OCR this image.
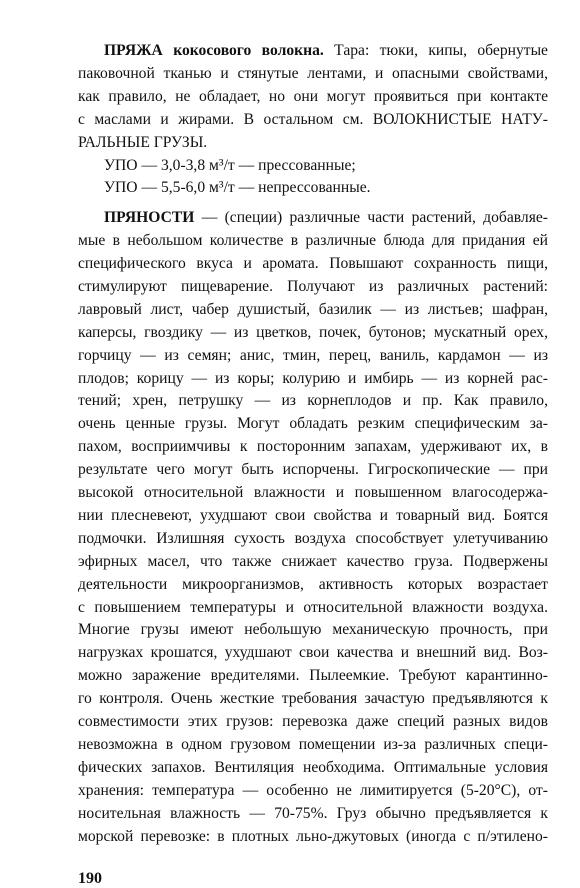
ПРЯЖА кокосового волокна. Тара: тюки, кипы, обернутые
паковочной тканью и стянутые лентами, и опасными свойствами,
как правило, не обладает, но они могут проявиться при контакте
с маслами и жирами. В остальном см. ВОЛОКНИСТЫЕ НАТУ-
РАЛЬНЫЕ ГРУЗЫ.
УПО — 3,0-3,8 м³/т — прессованные;
УПО — 5,5-6,0 м³/т — непрессованные.
ПРЯНОСТИ — (специи) различные части растений, добавляе-
мые в небольшом количестве в различные блюда для придания ей
специфического вкуса и аромата. Повышают сохранность пищи,
стимулируют пищеварение. Получают из различных растений:
лавровый лист, чабер душистый, базилик — из листьев; шафран,
каперсы, гвоздику — из цветков, почек, бутонов; мускатный орех,
горчицу — из семян; анис, тмин, перец, ваниль, кардамон — из
плодов; корицу — из коры; колурию и имбирь — из корней рас-
тений; хрен, петрушку — из корнеплодов и пр. Как правило,
очень ценные грузы. Могут обладать резким специфическим за-
пахом, восприимчивы к посторонним запахам, удерживают их, в
результате чего могут быть испорчены. Гигроскопические — при
высокой относительной влажности и повышенном влагосодержа-
нии плесневеют, ухудшают свои свойства и товарный вид. Боятся
подмочки. Излишняя сухость воздуха способствует улетучиванию
эфирных масел, что также снижает качество груза. Подвержены
деятельности микроорганизмов, активность которых возрастает
с повышением температуры и относительной влажности воздуха.
Многие грузы имеют небольшую механическую прочность, при
нагрузках крошатся, ухудшают свои качества и внешний вид. Воз-
можно заражение вредителями. Пылеемкие. Требуют карантинно-
го контроля. Очень жесткие требования зачастую предъявляются к
совместимости этих грузов: перевозка даже специй разных видов
невозможна в одном грузовом помещении из-за различных специ-
фических запахов. Вентиляция необходима. Оптимальные условия
хранения: температура — особенно не лимитируется (5-20°С), от-
носительная влажность — 70-75%. Груз обычно предъявляется к
морской перевозке: в плотных льно-джутовых (иногда с п/этилено-
190
